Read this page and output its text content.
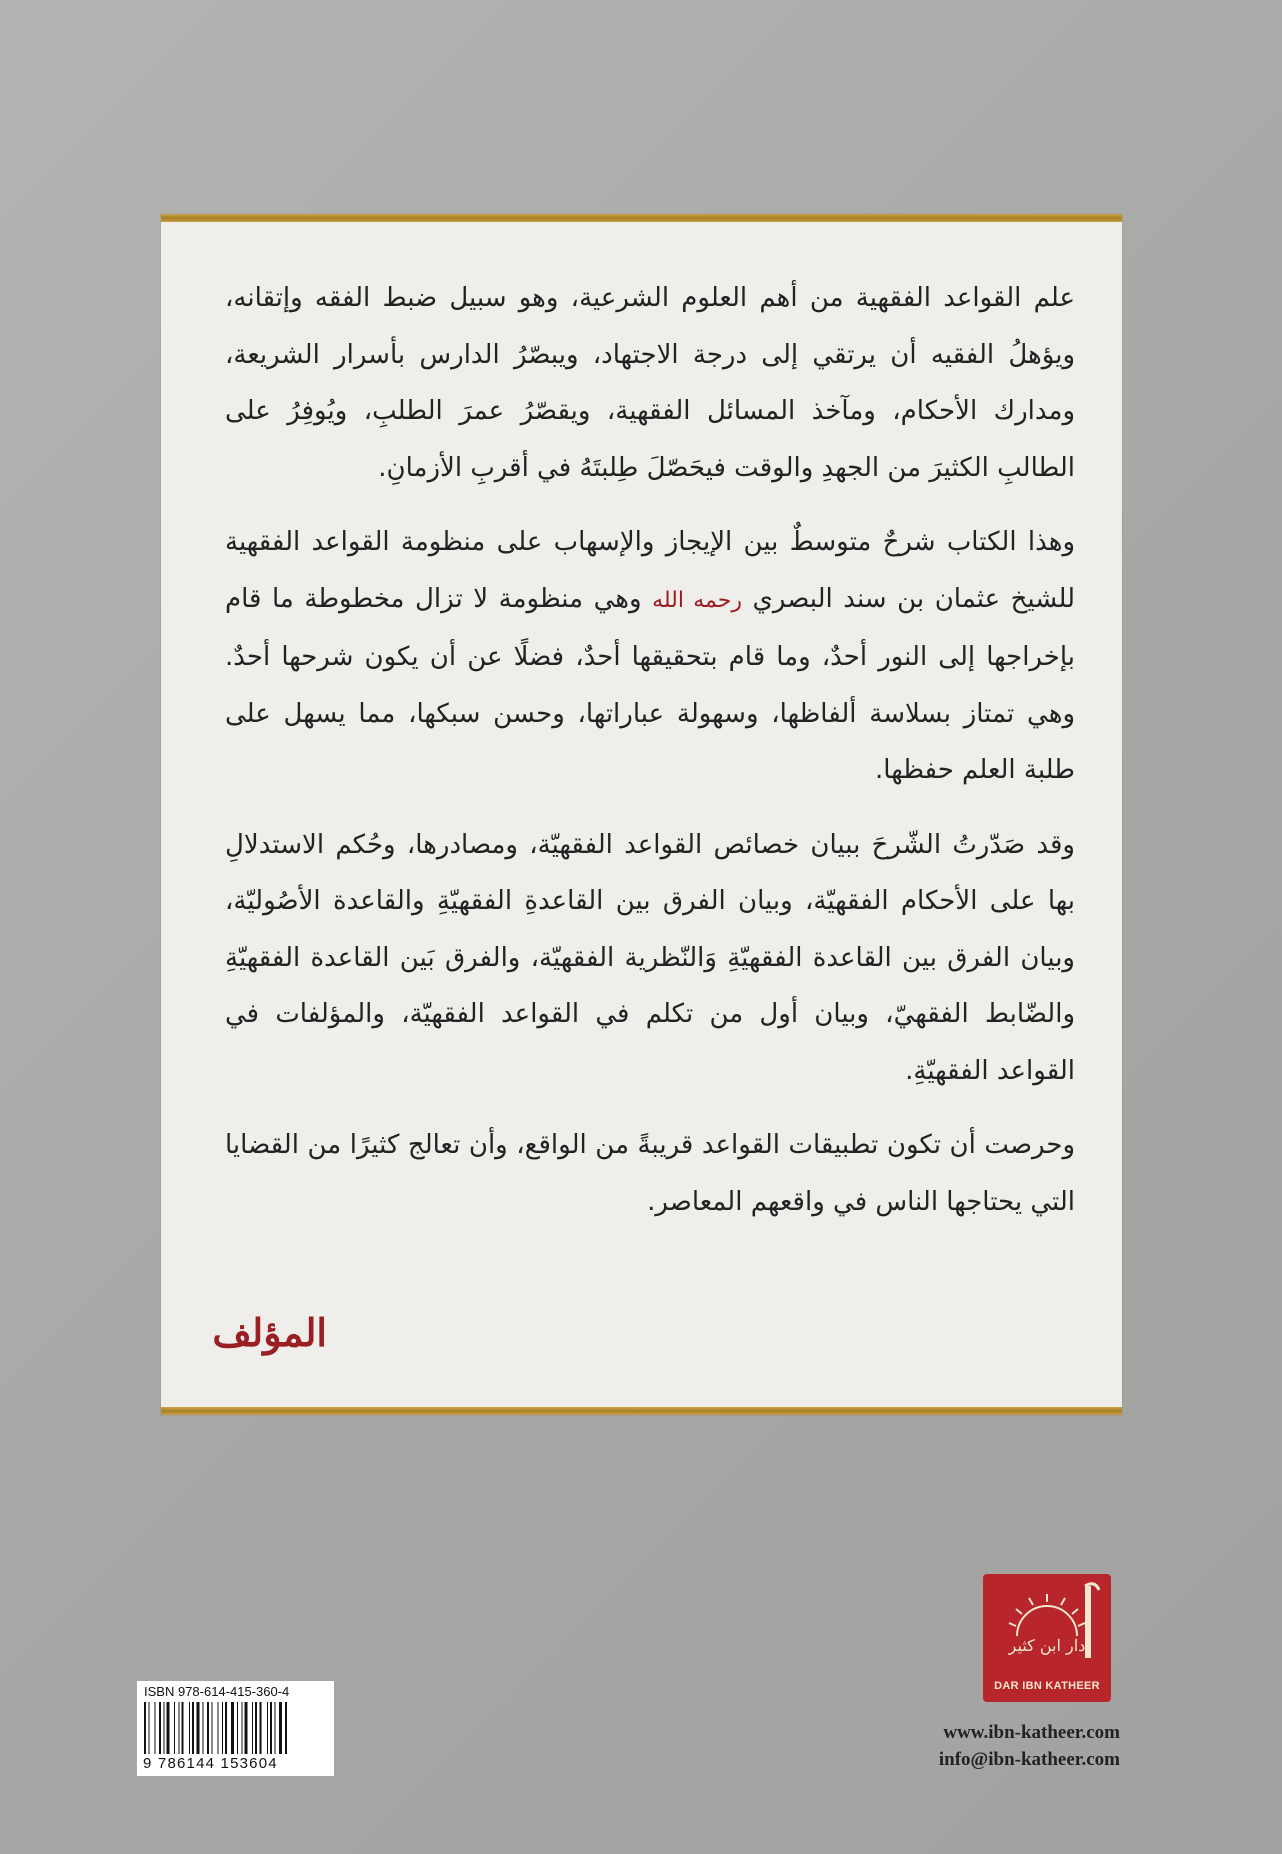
علم القواعد الفقهية من أهم العلوم الشرعية، وهو سبيل ضبط الفقه وإتقانه، ويؤهلُ الفقيه أن يرتقي إلى درجة الاجتهاد، ويبصّرُ الدارس بأسرار الشريعة، ومدارك الأحكام، ومآخذ المسائل الفقهية، ويقصّرُ عمرَ الطلبِ، ويُوفِرُ على الطالبِ الكثيرَ من الجهدِ والوقت فيحَصّلَ طِلبتَهُ في أقربِ الأزمانِ.

وهذا الكتاب شرحٌ متوسطٌ بين الإيجاز والإسهاب على منظومة القواعد الفقهية للشيخ عثمان بن سند البصري رحمه الله وهي منظومة لا تزال مخطوطة ما قام بإخراجها إلى النور أحدٌ، وما قام بتحقيقها أحدٌ، فضلًا عن أن يكون شرحها أحدٌ. وهي تمتاز بسلاسة ألفاظها، وسهولة عباراتها، وحسن سبكها، مما يسهل على طلبة العلم حفظها.

وقد صَدّرتُ الشّرحَ ببيان خصائص القواعد الفقهيّة، ومصادرها، وحُكم الاستدلالِ بها على الأحكام الفقهيّة، وبيان الفرق بين القاعدةِ الفقهيّةِ والقاعدة الأصُوليّة، وبيان الفرق بين القاعدة الفقهيّةِ وَالنّظرية الفقهيّة، والفرق بَين القاعدة الفقهيّةِ والضّابط الفقهيّ، وبيان أول من تكلم في القواعد الفقهيّة، والمؤلفات في القواعد الفقهيّةِ.

وحرصت أن تكون تطبيقات القواعد قريبةً من الواقع، وأن تعالج كثيرًا من القضايا التي يحتاجها الناس في واقعهم المعاصر.

المؤلف
دار ابن كثير
DAR IBN KATHEER
www.ibn-katheer.com
info@ibn-katheer.com
ISBN 978-614-415-360-4
9 786144 153604
